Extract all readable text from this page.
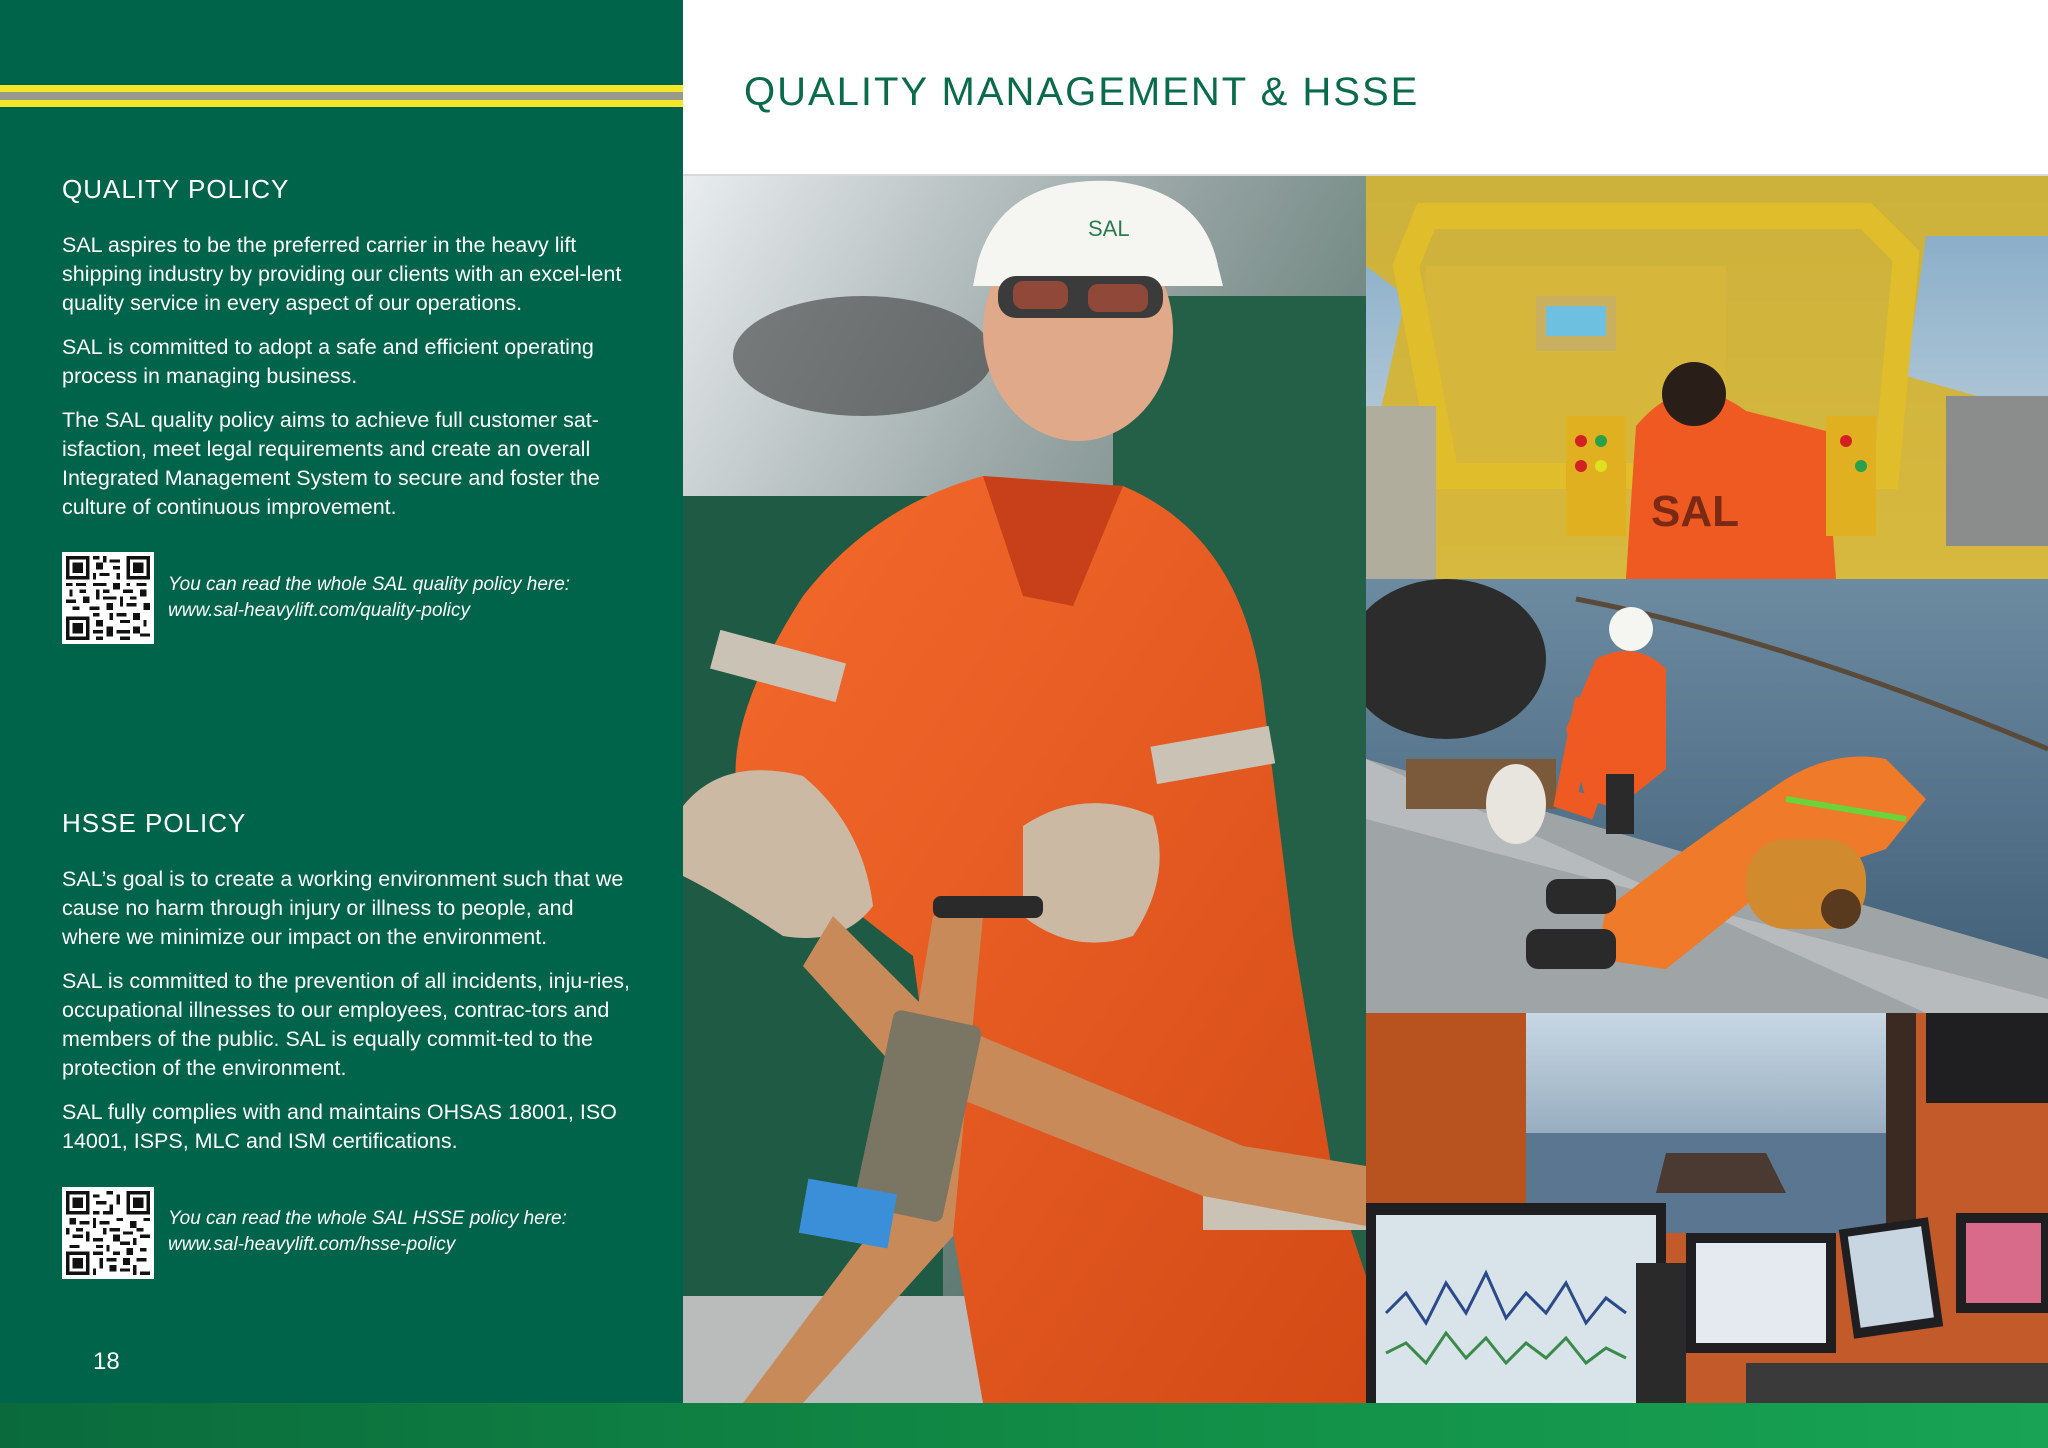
QUALITY POLICY

SAL aspires to be the preferred carrier in the heavy lift shipping industry by providing our clients with an excel-lent quality service in every aspect of our operations.

SAL is committed to adopt a safe and efficient operating process in managing business.

The SAL quality policy aims to achieve full customer sat-isfaction, meet legal requirements and create an overall Integrated Management System to secure and foster the culture of continuous improvement.

You can read the whole SAL quality policy here:
www.sal-heavylift.com/quality-policy
HSSE POLICY

SAL’s goal is to create a working environment such that we cause no harm through injury or illness to people, and where we minimize our impact on the environment.

SAL is committed to the prevention of all incidents, inju-ries, occupational illnesses to our employees, contrac-tors and members of the public. SAL is equally commit-ted to the protection of the environment.

SAL fully complies with and maintains OHSAS 18001, ISO 14001, ISPS, MLC and ISM certifications.

You can read the whole SAL HSSE policy here:
www.sal-heavylift.com/hsse-policy
18
QUALITY MANAGEMENT & HSSE
SAL
SAL
